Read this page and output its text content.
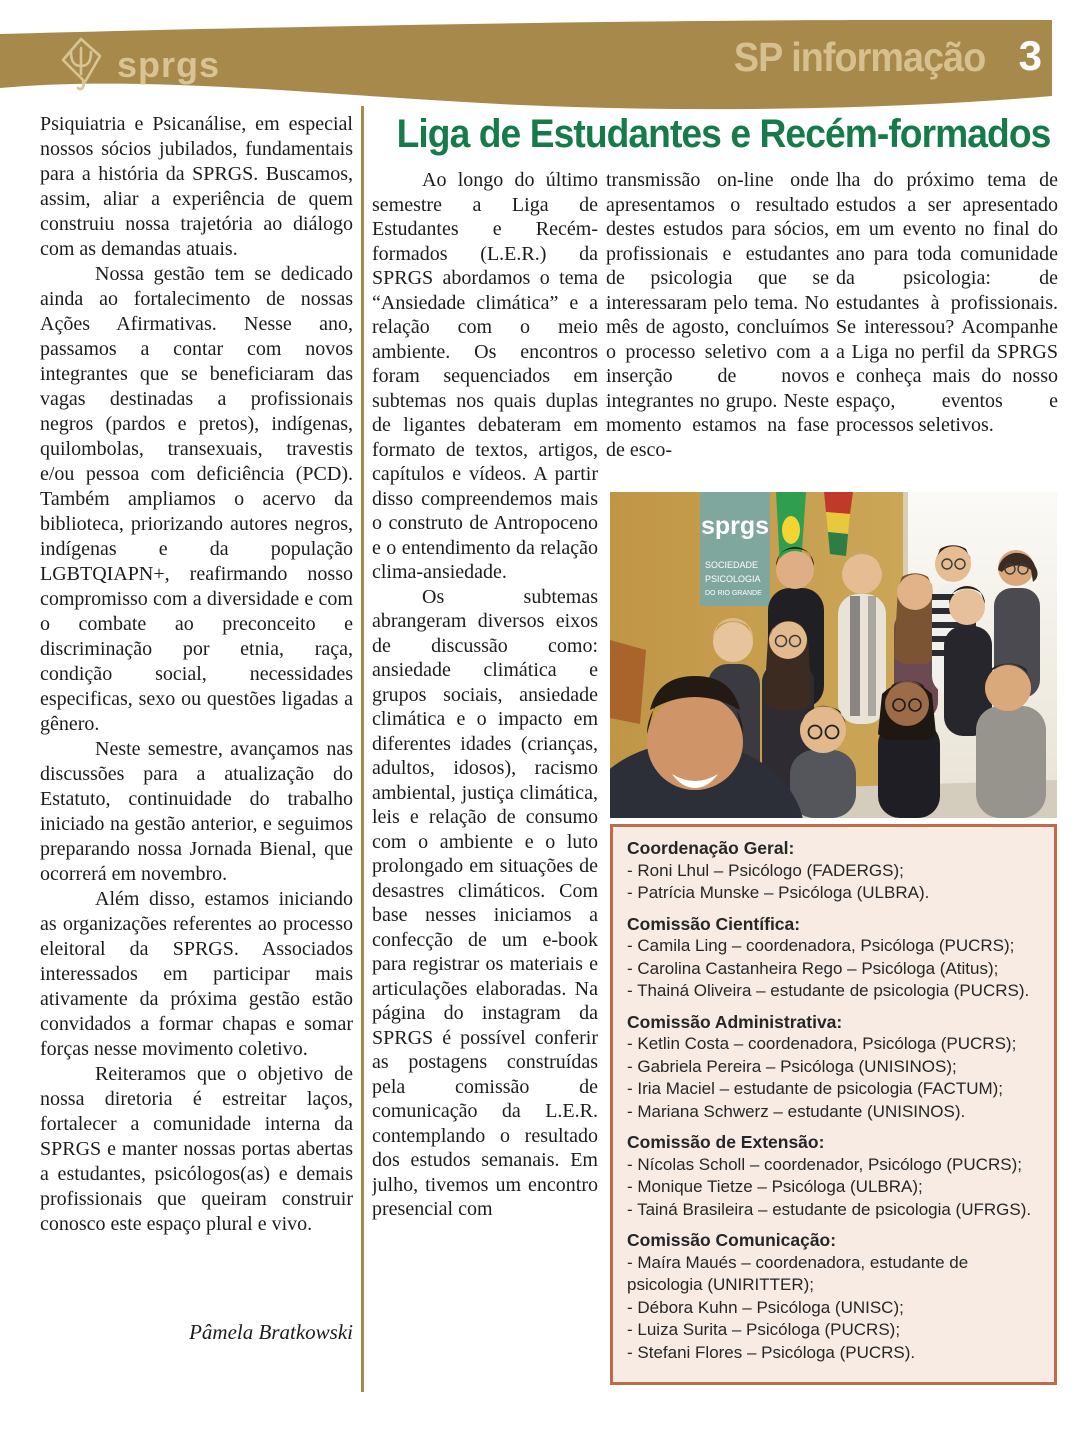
sprgs	SP informação 3

Psiquiatria e Psicanálise, em especial nossos sócios jubilados, fundamentais para a história da SPRGS. Buscamos, assim, aliar a experiência de quem construiu nossa trajetória ao diálogo com as demandas atuais.

Nossa gestão tem se dedicado ainda ao fortalecimento de nossas Ações Afirmativas. Nesse ano, passamos a contar com novos integrantes que se beneficiaram das vagas destinadas a profissionais negros (pardos e pretos), indígenas, quilombolas, transexuais, travestis e/ou pessoa com deficiência (PCD). Também ampliamos o acervo da biblioteca, priorizando autores negros, indígenas e da população LGBTQIAPN+, reafirmando nosso compromisso com a diversidade e com o combate ao preconceito e discriminação por etnia, raça, condição social, necessidades especificas, sexo ou questões ligadas a gênero.

Neste semestre, avançamos nas discussões para a atualização do Estatuto, continuidade do trabalho iniciado na gestão anterior, e seguimos preparando nossa Jornada Bienal, que ocorrerá em novembro.

Além disso, estamos iniciando as organizações referentes ao processo eleitoral da SPRGS. Associados interessados em participar mais ativamente da próxima gestão estão convidados a formar chapas e somar forças nesse movimento coletivo.

Reiteramos que o objetivo de nossa diretoria é estreitar laços, fortalecer a comunidade interna da SPRGS e manter nossas portas abertas a estudantes, psicólogos(as) e demais profissionais que queiram construir conosco este espaço plural e vivo.

Pâmela Bratkowski
Liga de Estudantes e Recém-formados

Ao longo do último semestre a Liga de Estudantes e Recém-formados (L.E.R.) da SPRGS abordamos o tema “Ansiedade climática” e a relação com o meio ambiente. Os encontros foram sequenciados em subtemas nos quais duplas de ligantes debateram em formato de textos, artigos, capítulos e vídeos. A partir disso compreendemos mais o construto de Antropoceno e o entendimento da relação clima-ansiedade.

Os subtemas abrangeram diversos eixos de discussão como: ansiedade climática e grupos sociais, ansiedade climática e o impacto em diferentes idades (crianças, adultos, idosos), racismo ambiental, justiça climática, leis e relação de consumo com o ambiente e o luto prolongado em situações de desastres climáticos. Com base nesses iniciamos a confecção de um e-book para registrar os materiais e articulações elaboradas. Na página do instagram da SPRGS é possível conferir as postagens construídas pela comissão de comunicação da L.E.R. contemplando o resultado dos estudos semanais. Em julho, tivemos um encontro presencial com

transmissão on-line onde apresentamos o resultado destes estudos para sócios, profissionais e estudantes de psicologia que se interessaram pelo tema. No mês de agosto, concluímos o processo seletivo com a inserção de novos integrantes no grupo. Neste momento estamos na fase de esco-

lha do próximo tema de estudos a ser apresentado em um evento no final do ano para toda comunidade da psicologia: de estudantes à profissionais. Se interessou? Acompanhe a Liga no perfil da SPRGS e conheça mais do nosso espaço, eventos e processos seletivos.

sprgs
SOCIEDADE
PSICOLOGIA
DO RIO GRANDE
Coordenação Geral:
- Roni Lhul – Psicólogo (FADERGS);
- Patrícia Munske – Psicóloga (ULBRA).
Comissão Científica:
- Camila Ling – coordenadora, Psicóloga (PUCRS);
- Carolina Castanheira Rego – Psicóloga (Atitus);
- Thainá Oliveira – estudante de psicologia (PUCRS).
Comissão Administrativa:
- Ketlin Costa – coordenadora, Psicóloga (PUCRS);
- Gabriela Pereira – Psicóloga (UNISINOS);
- Iria Maciel – estudante de psicologia (FACTUM);
- Mariana Schwerz – estudante (UNISINOS).
Comissão de Extensão:
- Nícolas Scholl – coordenador, Psicólogo (PUCRS);
- Monique Tietze – Psicóloga (ULBRA);
- Tainá Brasileira – estudante de psicologia (UFRGS).
Comissão Comunicação:
- Maíra Maués – coordenadora, estudante de psicologia (UNIRITTER);
- Débora Kuhn – Psicóloga (UNISC);
- Luiza Surita – Psicóloga (PUCRS);
- Stefani Flores – Psicóloga (PUCRS).
